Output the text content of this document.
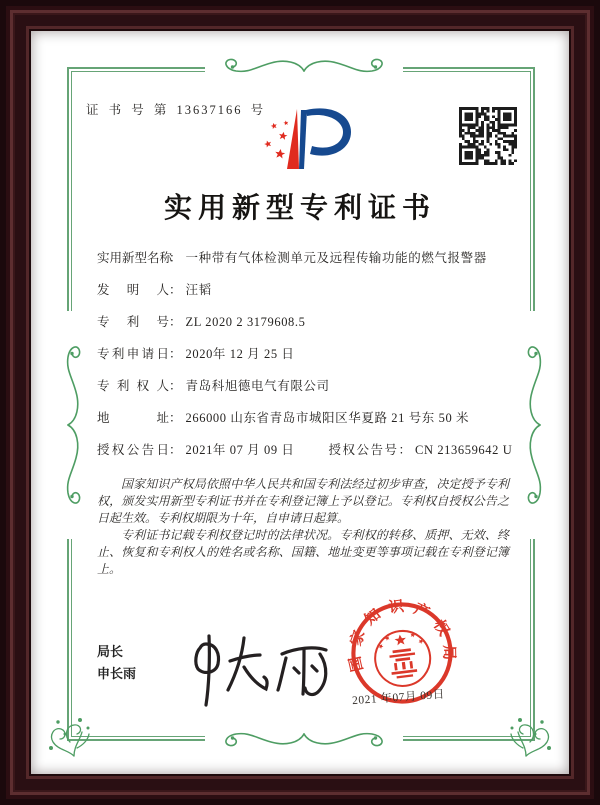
证 书 号 第 13637166 号
实用新型专利证书
实用新型名称： 一种带有气体检测单元及远程传输功能的燃气报警器
发明人： 汪韬
专利号： ZL 2020 2 3179608.5
专利申请日： 2020年 12 月 25 日
专利权人： 青岛科旭德电气有限公司
地址： 266000 山东省青岛市城阳区华夏路 21 号东 50 米
授权公告日： 2021年 07 月 09 日	授权公告号： CN 213659642 U

国家知识产权局依照中华人民共和国专利法经过初步审查，决定授予专利权，颁发实用新型专利证书并在专利登记簿上予以登记。专利权自授权公告之日起生效。专利权期限为十年，自申请日起算。

专利证书记载专利权登记时的法律状况。专利权的转移、质押、无效、终止、恢复和专利权人的姓名或名称、国籍、地址变更等事项记载在专利登记簿上。

局长
申长雨
国家知识产权局
2021 年07月 09日
